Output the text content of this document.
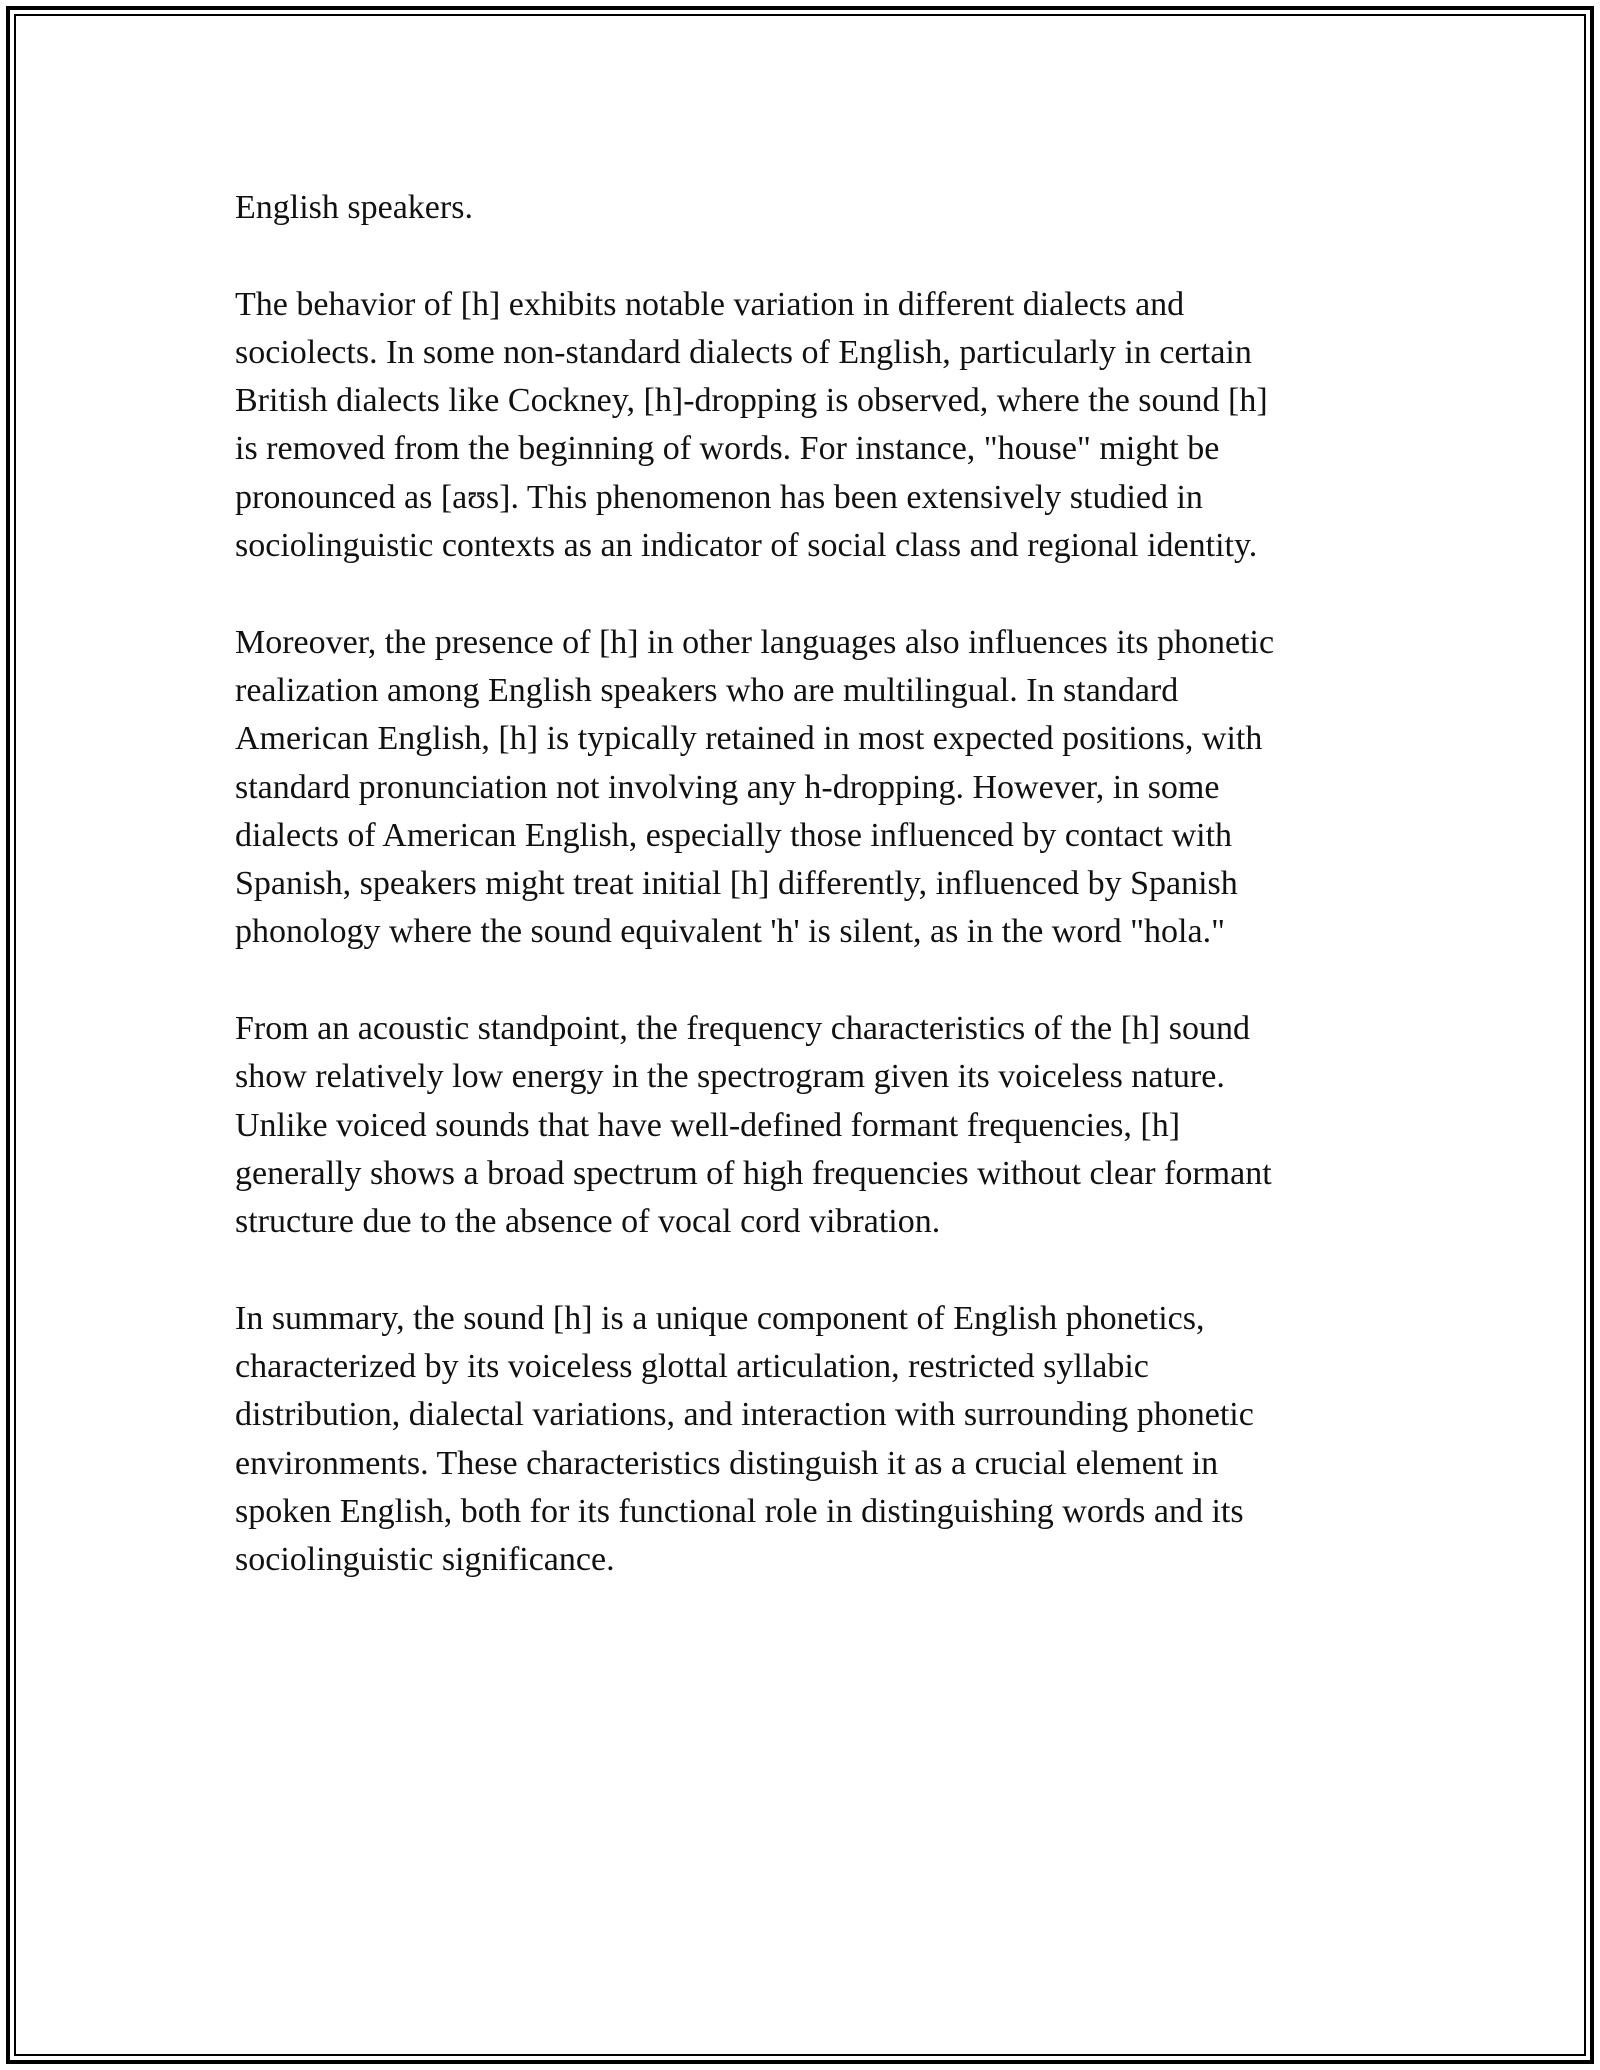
English speakers.

The behavior of [h] exhibits notable variation in different dialects and
sociolects. In some non-standard dialects of English, particularly in certain
British dialects like Cockney, [h]-dropping is observed, where the sound [h]
is removed from the beginning of words. For instance, "house" might be
pronounced as [aʊs]. This phenomenon has been extensively studied in
sociolinguistic contexts as an indicator of social class and regional identity.

Moreover, the presence of [h] in other languages also influences its phonetic
realization among English speakers who are multilingual. In standard
American English, [h] is typically retained in most expected positions, with
standard pronunciation not involving any h-dropping. However, in some
dialects of American English, especially those influenced by contact with
Spanish, speakers might treat initial [h] differently, influenced by Spanish
phonology where the sound equivalent 'h' is silent, as in the word "hola."

From an acoustic standpoint, the frequency characteristics of the [h] sound
show relatively low energy in the spectrogram given its voiceless nature.
Unlike voiced sounds that have well-defined formant frequencies, [h]
generally shows a broad spectrum of high frequencies without clear formant
structure due to the absence of vocal cord vibration.

In summary, the sound [h] is a unique component of English phonetics,
characterized by its voiceless glottal articulation, restricted syllabic
distribution, dialectal variations, and interaction with surrounding phonetic
environments. These characteristics distinguish it as a crucial element in
spoken English, both for its functional role in distinguishing words and its
sociolinguistic significance.
